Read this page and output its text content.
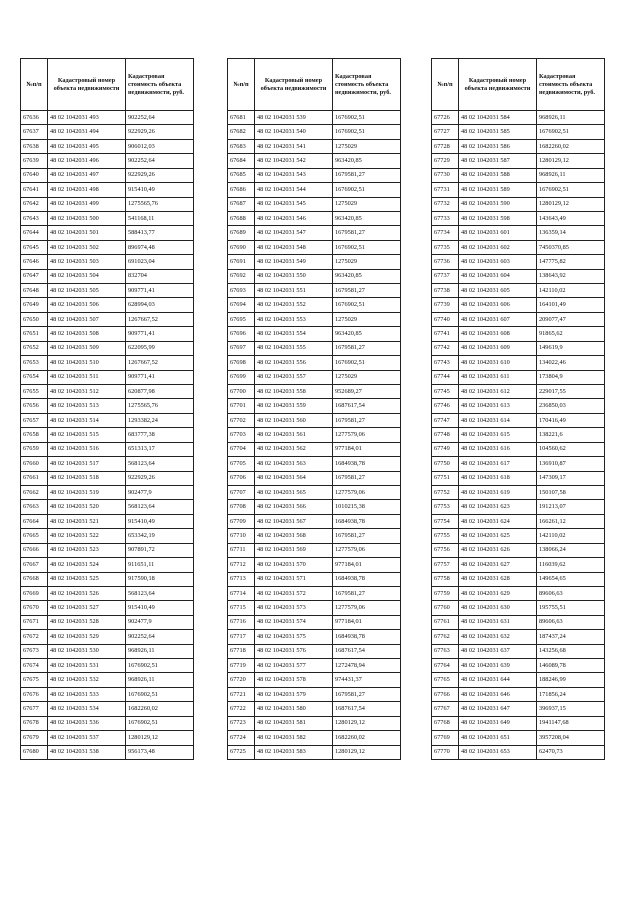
№п/п	Кадастровый номер объекта недвижимости	Кадастровая стоимость объекта недвижимости, руб.
67636	48 02 1042031 493	902252,64
67637	48 02 1042031 494	922929,26
67638	48 02 1042031 495	906012,03
67639	48 02 1042031 496	902252,64
67640	48 02 1042031 497	922929,26
67641	48 02 1042031 498	915410,49
67642	48 02 1042031 499	1275565,76
67643	48 02 1042031 500	541168,11
67644	48 02 1042031 501	588413,77
67645	48 02 1042031 502	896974,48
67646	48 02 1042031 503	691023,04
67647	48 02 1042031 504	832704
67648	48 02 1042031 505	909771,41
67649	48 02 1042031 506	628994,03
67650	48 02 1042031 507	1267667,52
67651	48 02 1042031 508	909771,41
67652	48 02 1042031 509	622095,99
67653	48 02 1042031 510	1267667,52
67654	48 02 1042031 511	909771,41
67655	48 02 1042031 512	620877,98
67656	48 02 1042031 513	1275565,76
67657	48 02 1042031 514	1293382,24
67658	48 02 1042031 515	683777,38
67659	48 02 1042031 516	651313,17
67660	48 02 1042031 517	568123,64
67661	48 02 1042031 518	922929,26
67662	48 02 1042031 519	902477,9
67663	48 02 1042031 520	568123,64
67664	48 02 1042031 521	915410,49
67665	48 02 1042031 522	653342,19
67666	48 02 1042031 523	907891,72
67667	48 02 1042031 524	911651,11
67668	48 02 1042031 525	917590,18
67669	48 02 1042031 526	568123,64
67670	48 02 1042031 527	915410,49
67671	48 02 1042031 528	902477,9
67672	48 02 1042031 529	902252,64
67673	48 02 1042031 530	968926,11
67674	48 02 1042031 531	1676902,51
67675	48 02 1042031 532	968926,11
67676	48 02 1042031 533	1676902,51
67677	48 02 1042031 534	1682260,02
67678	48 02 1042031 536	1676902,51
67679	48 02 1042031 537	1280129,12
67680	48 02 1042031 538	956173,48
№п/п	Кадастровый номер объекта недвижимости	Кадастровая стоимость объекта недвижимости, руб.
67681	48 02 1042031 539	1676902,51
67682	48 02 1042031 540	1676902,51
67683	48 02 1042031 541	1275029
67684	48 02 1042031 542	963420,85
67685	48 02 1042031 543	1679581,27
67686	48 02 1042031 544	1676902,51
67687	48 02 1042031 545	1275029
67688	48 02 1042031 546	963420,85
67689	48 02 1042031 547	1679581,27
67690	48 02 1042031 548	1676902,51
67691	48 02 1042031 549	1275029
67692	48 02 1042031 550	963420,85
67693	48 02 1042031 551	1679581,27
67694	48 02 1042031 552	1676902,51
67695	48 02 1042031 553	1275029
67696	48 02 1042031 554	963420,85
67697	48 02 1042031 555	1679581,27
67698	48 02 1042031 556	1676902,51
67699	48 02 1042031 557	1275029
67700	48 02 1042031 558	952689,27
67701	48 02 1042031 559	1687617,54
67702	48 02 1042031 560	1679581,27
67703	48 02 1042031 561	1277579,06
67704	48 02 1042031 562	977184,01
67705	48 02 1042031 563	1684938,78
67706	48 02 1042031 564	1679581,27
67707	48 02 1042031 565	1277579,06
67708	48 02 1042031 566	1010215,38
67709	48 02 1042031 567	1684938,78
67710	48 02 1042031 568	1679581,27
67711	48 02 1042031 569	1277579,06
67712	48 02 1042031 570	977184,01
67713	48 02 1042031 571	1684938,78
67714	48 02 1042031 572	1679581,27
67715	48 02 1042031 573	1277579,06
67716	48 02 1042031 574	977184,01
67717	48 02 1042031 575	1684938,78
67718	48 02 1042031 576	1687617,54
67719	48 02 1042031 577	1272478,94
67720	48 02 1042031 578	974431,37
67721	48 02 1042031 579	1679581,27
67722	48 02 1042031 580	1687617,54
67723	48 02 1042031 581	1280129,12
67724	48 02 1042031 582	1682260,02
67725	48 02 1042031 583	1280129,12
№п/п	Кадастровый номер объекта недвижимости	Кадастровая стоимость объекта недвижимости, руб.
67726	48 02 1042031 584	968926,11
67727	48 02 1042031 585	1676902,51
67728	48 02 1042031 586	1682260,02
67729	48 02 1042031 587	1280129,12
67730	48 02 1042031 588	968926,11
67731	48 02 1042031 589	1676902,51
67732	48 02 1042031 590	1280129,12
67733	48 02 1042031 598	143643,49
67734	48 02 1042031 601	136359,14
67735	48 02 1042031 602	7450370,85
67736	48 02 1042031 603	147775,82
67737	48 02 1042031 604	138643,92
67738	48 02 1042031 605	142110,02
67739	48 02 1042031 606	164101,49
67740	48 02 1042031 607	209077,47
67741	48 02 1042031 608	91865,62
67742	48 02 1042031 609	149619,9
67743	48 02 1042031 610	134022,46
67744	48 02 1042031 611	173804,9
67745	48 02 1042031 612	229017,55
67746	48 02 1042031 613	236850,03
67747	48 02 1042031 614	170416,49
67748	48 02 1042031 615	138221,6
67749	48 02 1042031 616	104560,62
67750	48 02 1042031 617	136910,87
67751	48 02 1042031 618	147309,17
67752	48 02 1042031 619	150107,58
67753	48 02 1042031 623	191213,07
67754	48 02 1042031 624	166261,12
67755	48 02 1042031 625	142110,02
67756	48 02 1042031 626	138066,24
67757	48 02 1042031 627	116039,62
67758	48 02 1042031 628	149654,65
67759	48 02 1042031 629	89606,63
67760	48 02 1042031 630	195755,51
67761	48 02 1042031 631	89606,63
67762	48 02 1042031 632	187437,24
67763	48 02 1042031 637	143256,68
67764	48 02 1042031 639	146089,78
67765	48 02 1042031 644	188246,99
67766	48 02 1042031 646	171856,24
67767	48 02 1042031 647	396937,15
67768	48 02 1042031 649	1941147,68
67769	48 02 1042031 651	3957208,04
67770	48 02 1042031 653	62470,73
